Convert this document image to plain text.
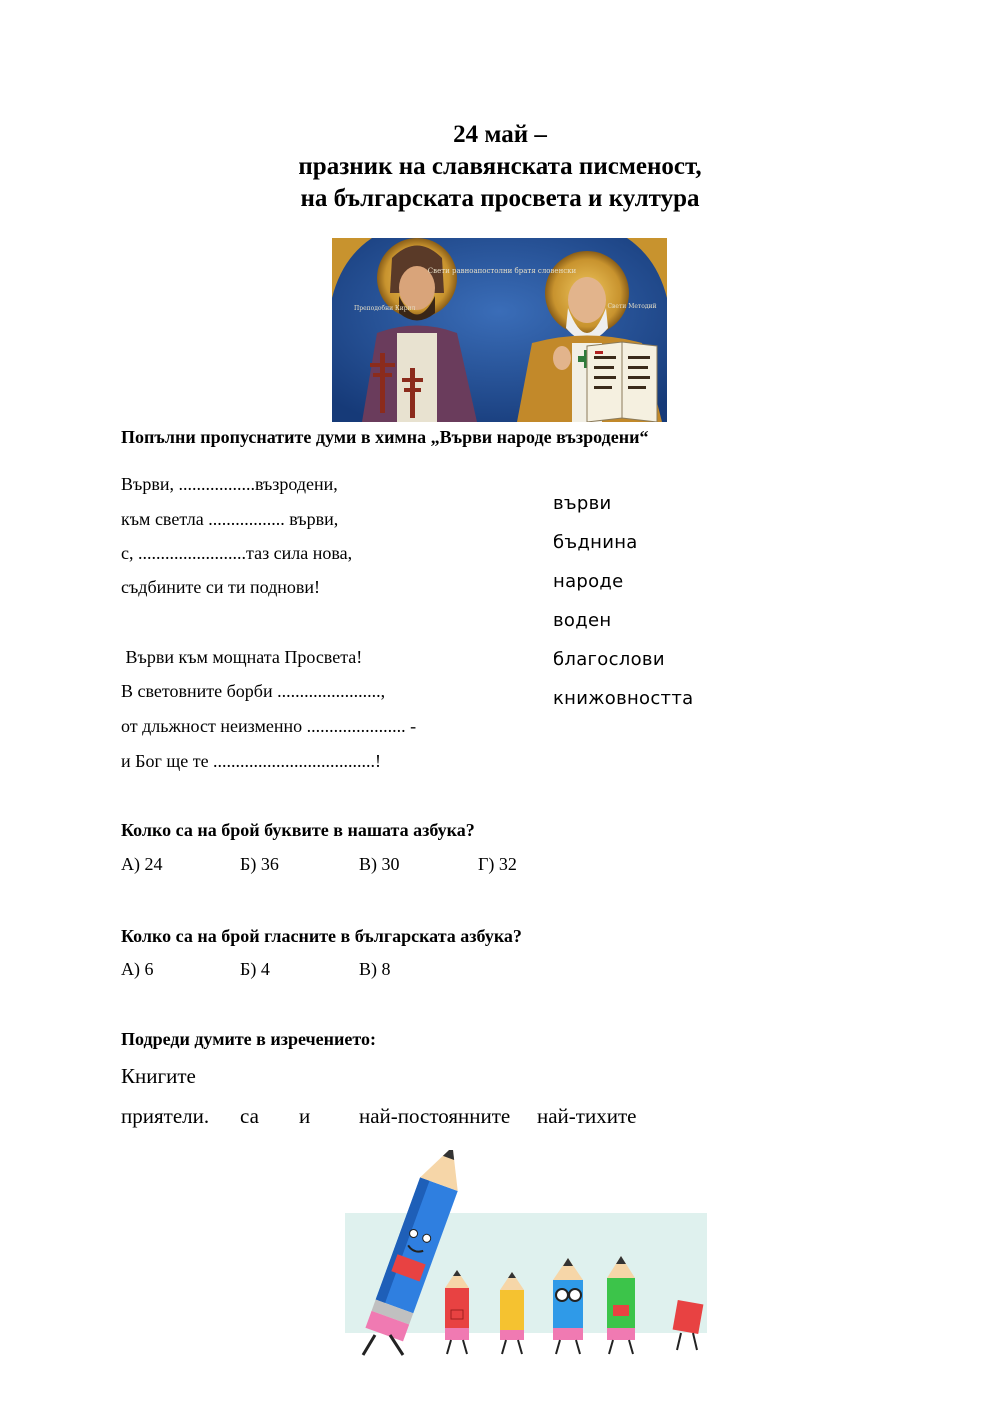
24 май –
празник на славянската писменост,
на българската просвета и култура
Свети равноапостолни братя словенски
Преподобни Кирил	Свети Методий
Попълни пропуснатите думи в химна „Върви народе възродени“
Върви, .................възродени,
към светла ................. върви,
с, ........................таз сила нова,
съдбините си ти поднови!
Върви към мощната Просвета!
В световните борби .......................,
от дльжност неизменно ...................... -
и Бог ще те ....................................!
върви
бъднина
народе
воден
благослови
книжовността
Колко са на брой буквите в нашата азбука?
А) 24	Б) 36	В) 30	Г) 32
Колко са на брой гласните в българската азбука?
А) 6	Б) 4	В) 8
Подреди думите в изречението:
Книгите
приятели. са и най-постоянните най-тихите
